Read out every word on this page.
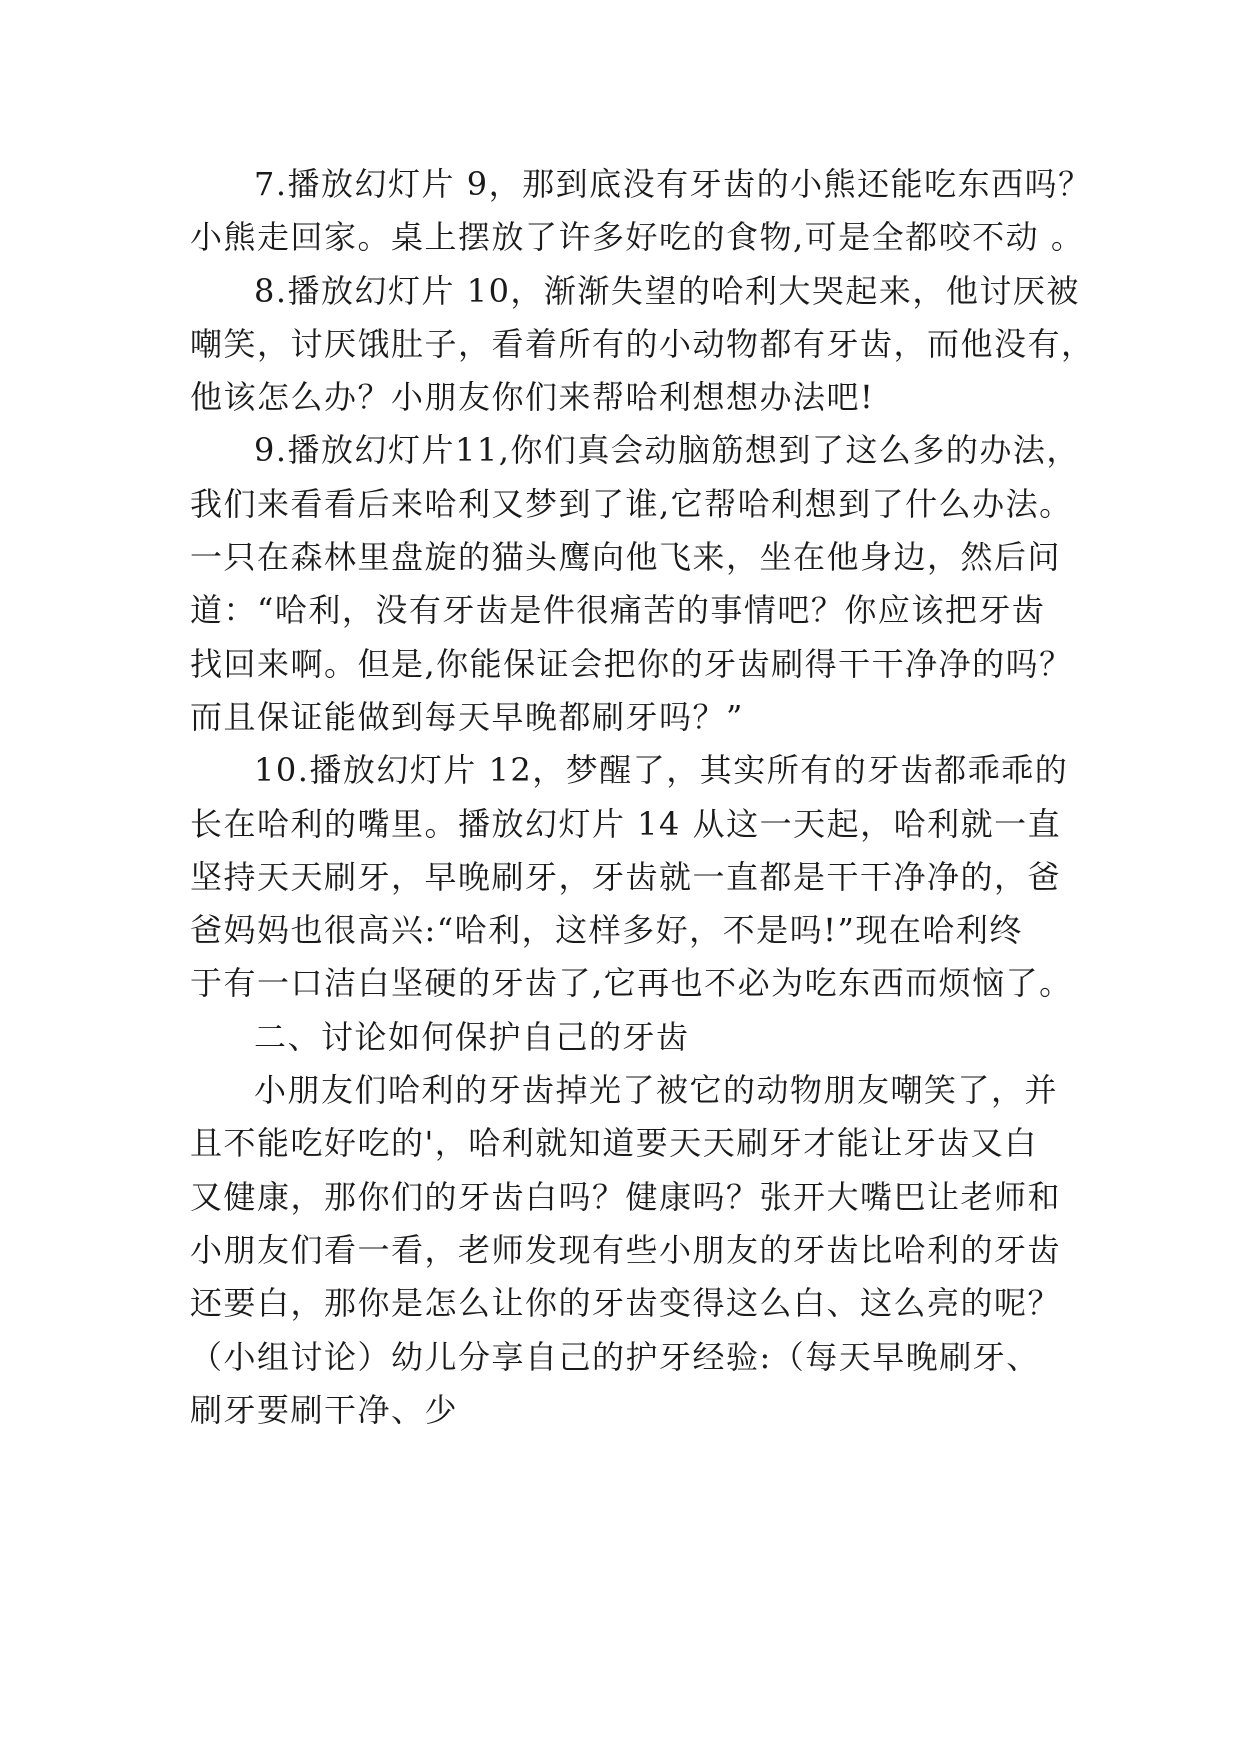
7.播放幻灯片 9，那到底没有牙齿的小熊还能吃东西吗？

小熊走回家。桌上摆放了许多好吃的食物,可是全都咬不动 。

8.播放幻灯片 10，渐渐失望的哈利大哭起来，他讨厌被

嘲笑，讨厌饿肚子，看着所有的小动物都有牙齿，而他没有，

他该怎么办？小朋友你们来帮哈利想想办法吧!

9.播放幻灯片11,你们真会动脑筋想到了这么多的办法，

我们来看看后来哈利又梦到了谁,它帮哈利想到了什么办法。

一只在森林里盘旋的猫头鹰向他飞来，坐在他身边，然后问

道：“哈利，没有牙齿是件很痛苦的事情吧？你应该把牙齿

找回来啊。但是,你能保证会把你的牙齿刷得干干净净的吗？

而且保证能做到每天早晚都刷牙吗？”

10.播放幻灯片 12，梦醒了，其实所有的牙齿都乖乖的

长在哈利的嘴里。播放幻灯片 14 从这一天起，哈利就一直

坚持天天刷牙，早晚刷牙，牙齿就一直都是干干净净的，爸

爸妈妈也很高兴:“哈利，这样多好，不是吗!”现在哈利终

于有一口洁白坚硬的牙齿了,它再也不必为吃东西而烦恼了。

二、讨论如何保护自己的牙齿

小朋友们哈利的牙齿掉光了被它的动物朋友嘲笑了，并

且不能吃好吃的'，哈利就知道要天天刷牙才能让牙齿又白

又健康，那你们的牙齿白吗？健康吗？张开大嘴巴让老师和

小朋友们看一看，老师发现有些小朋友的牙齿比哈利的牙齿

还要白，那你是怎么让你的牙齿变得这么白、这么亮的呢？

（小组讨论）幼儿分享自己的护牙经验:（每天早晚刷牙、

刷牙要刷干净、少
